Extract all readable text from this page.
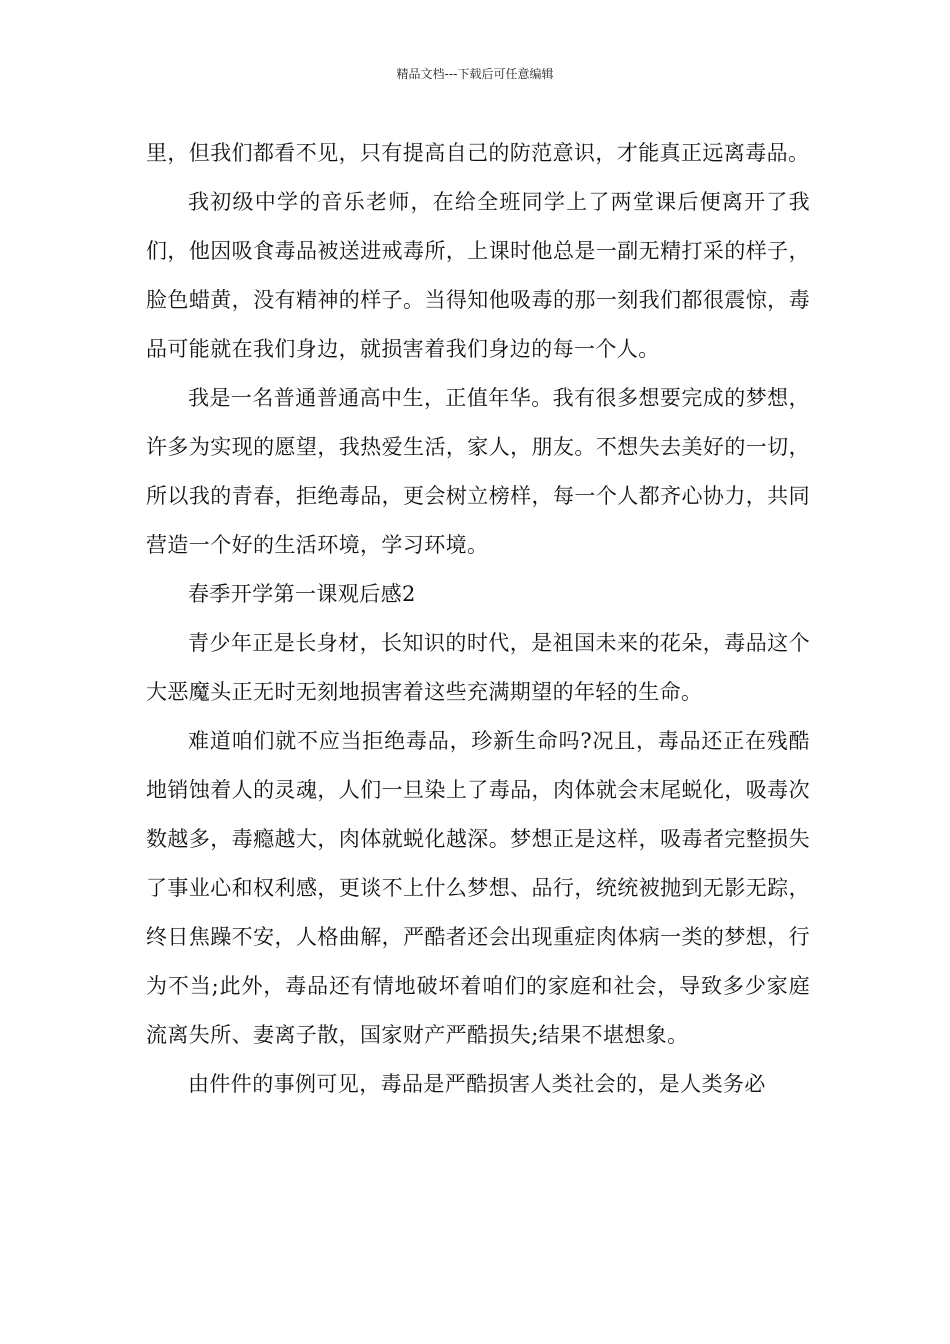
精品文档---下载后可任意编辑

里，但我们都看不见，只有提高自己的防范意识，才能真正远离毒品。

我初级中学的音乐老师，在给全班同学上了两堂课后便离开了我们，他因吸食毒品被送进戒毒所，上课时他总是一副无精打采的样子，脸色蜡黄，没有精神的样子。当得知他吸毒的那一刻我们都很震惊，毒品可能就在我们身边，就损害着我们身边的每一个人。

我是一名普通普通高中生，正值年华。我有很多想要完成的梦想，许多为实现的愿望，我热爱生活，家人，朋友。不想失去美好的一切，所以我的青春，拒绝毒品，更会树立榜样，每一个人都齐心协力，共同营造一个好的生活环境，学习环境。

春季开学第一课观后感2

青少年正是长身材，长知识的时代，是祖国未来的花朵，毒品这个大恶魔头正无时无刻地损害着这些充满期望的年轻的生命。

难道咱们就不应当拒绝毒品，珍新生命吗?况且，毒品还正在残酷地销蚀着人的灵魂，人们一旦染上了毒品，肉体就会末尾蜕化，吸毒次数越多，毒瘾越大，肉体就蜕化越深。梦想正是这样，吸毒者完整损失了事业心和权利感，更谈不上什么梦想、品行，统统被抛到无影无踪，终日焦躁不安，人格曲解，严酷者还会出现重症肉体病一类的梦想，行为不当;此外，毒品还有情地破坏着咱们的家庭和社会，导致多少家庭流离失所、妻离子散，国家财产严酷损失;结果不堪想象。

由件件的事例可见，毒品是严酷损害人类社会的，是人类务必
